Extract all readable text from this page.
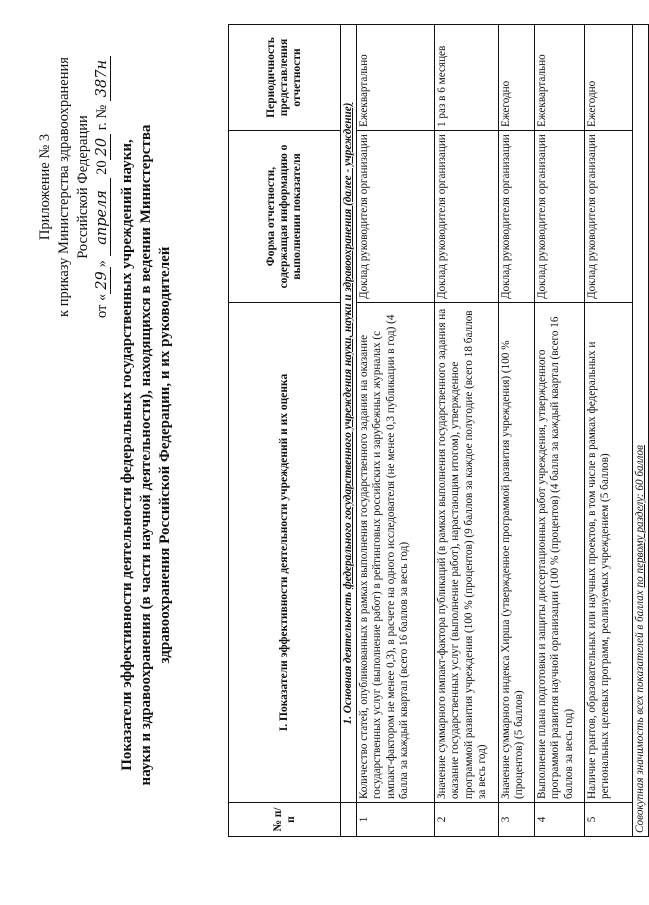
Приложение № 3 к приказу Министерства здравоохранения Российской Федерации
от «29» апреля 2020 г. № 387н
Показатели эффективности деятельности федеральных государственных учреждений науки, науки и здравоохранения (в части научной деятельности), находящихся в ведении Министерства здравоохранения Российской Федерации, и их руководителей
№ п/п	I. Показатели эффективности деятельности учреждений и их оценка	Форма отчетности, содержащая информацию о выполнении показателя	Периодичность представления отчетности
	1. Основная деятельность федерального государственного учреждения науки, науки и здравоохранения (далее - учреждение)		
1	Количество статей, опубликованных в рамках выполнения государственного задания на оказание государственных услуг (выполнение работ) в рейтинговых российских и зарубежных журналах (с импакт-фактором не менее 0,3), в расчете на одного исследователя (не менее 0,3 публикации в год) (4 балла за каждый квартал (всего 16 баллов за весь год)	Доклад руководителя организации	Ежеквартально
2	Значение суммарного импакт-фактора публикаций (в рамках выполнения государственного задания на оказание государственных услуг (выполнение работ), нарастающим итогом), утвержденное программой развития учреждения (100 % (процентов) (9 баллов за каждое полугодие (всего 18 баллов за весь год)	Доклад руководителя организации	1 раз в 6 месяцев
3	Значение суммарного индекса Хирша (утвержденное программой развития учреждения) (100 % (процентов) (5 баллов)	Доклад руководителя организации	Ежегодно
4	Выполнение плана подготовки и защиты диссертационных работ учреждения, утвержденного программой развития научной организации (100 % (процентов) (4 балла за каждый квартал (всего 16 баллов за весь год)	Доклад руководителя организации	Ежеквартально
5	Наличие грантов, образовательных или научных проектов, в том числе в рамках федеральных и региональных целевых программ, реализуемых учреждением (5 баллов)	Доклад руководителя организации	Ежегодно
Совокупная значимость всех показателей в баллах по первому разделу: 60 баллов			
